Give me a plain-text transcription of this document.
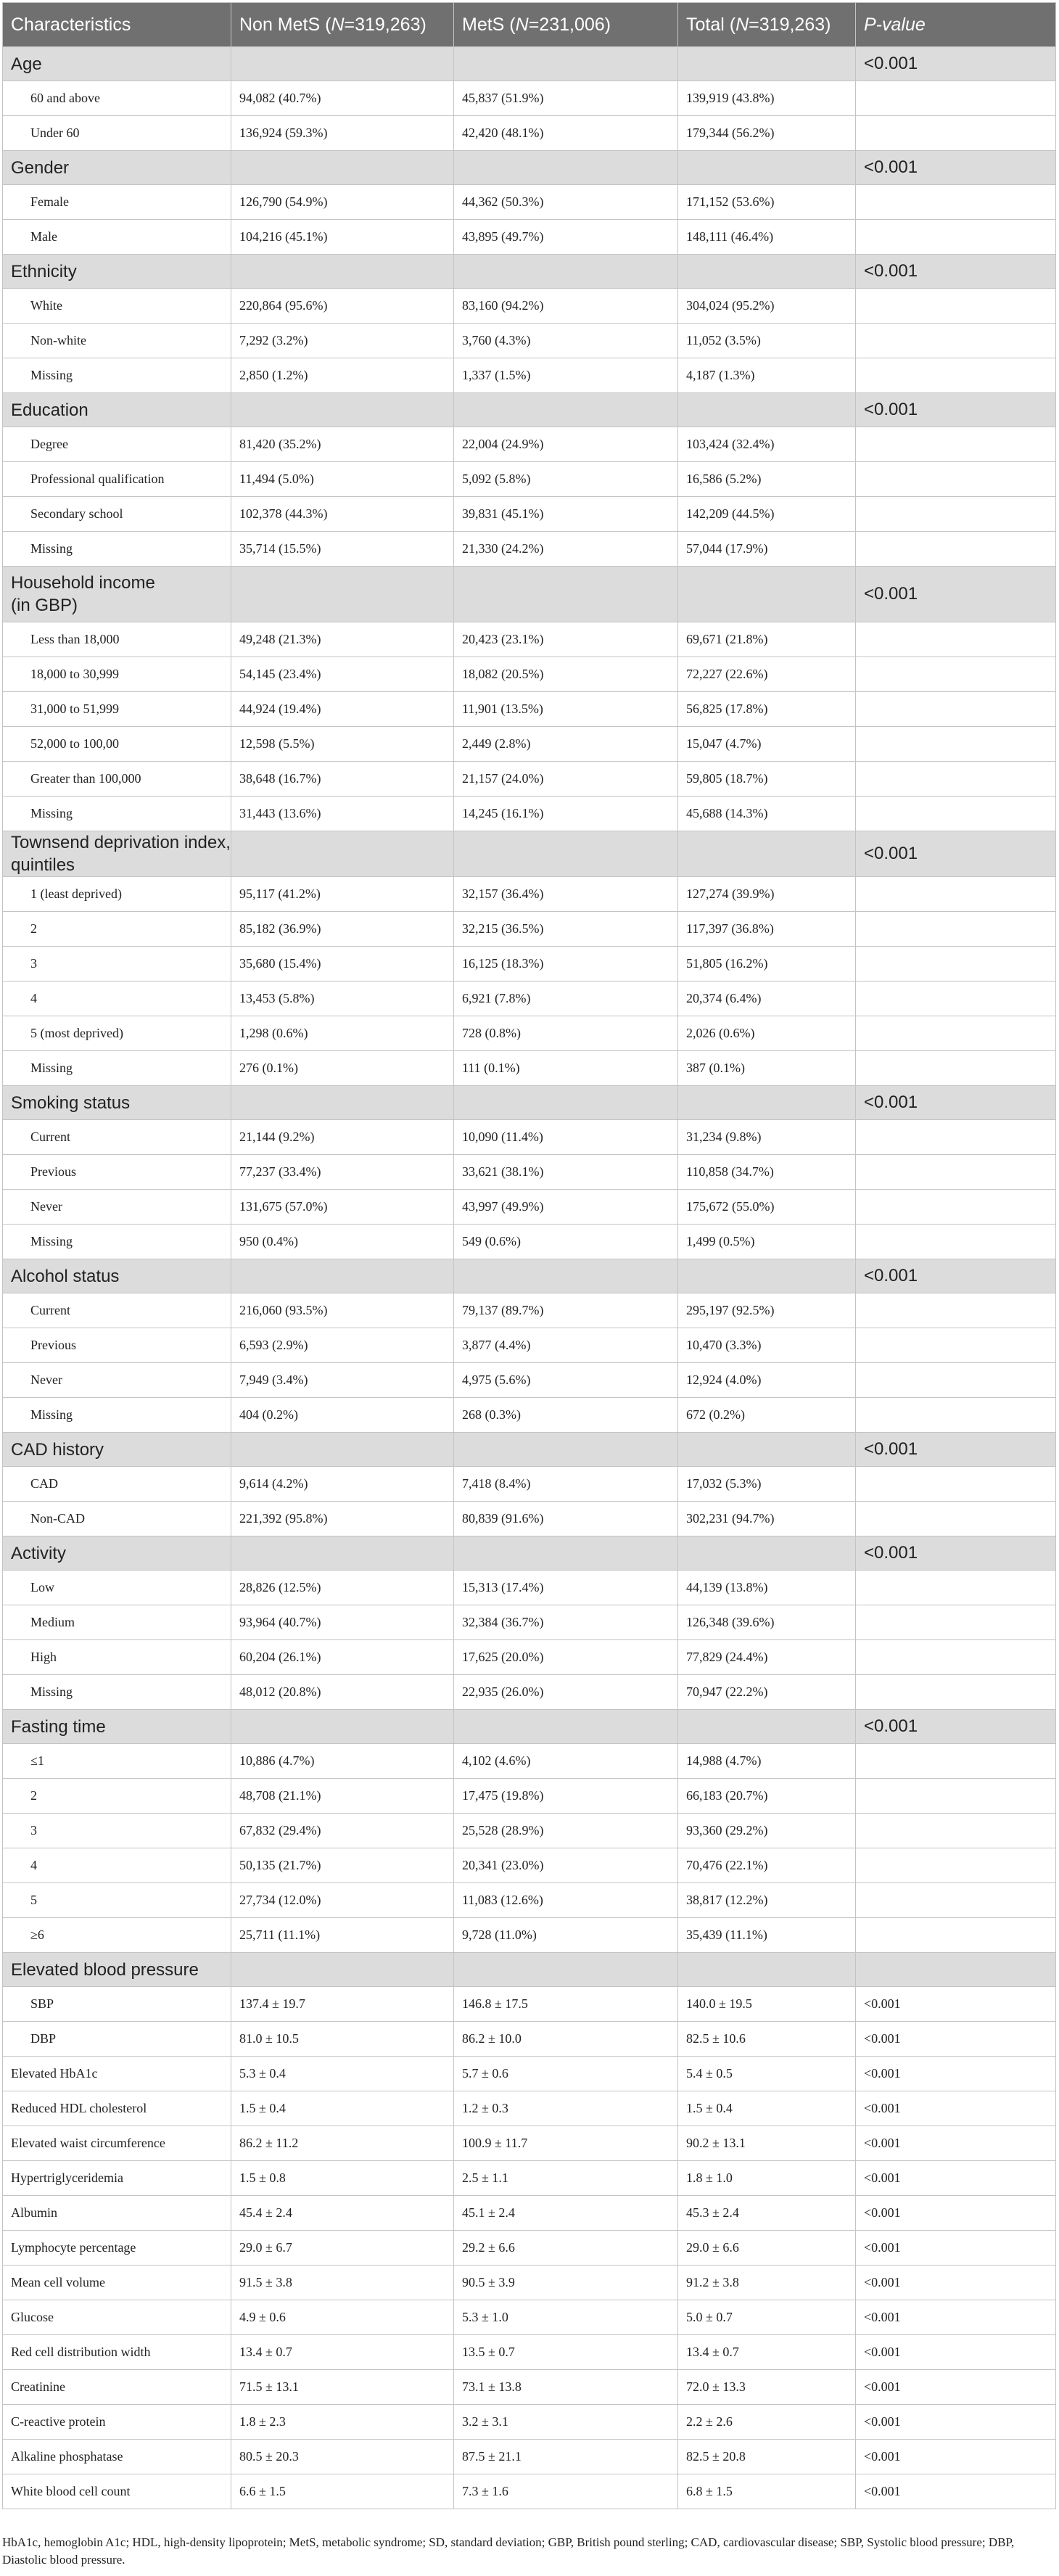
Characteristics	Non MetS (N=319,263)	MetS (N=231,006)	Total (N=319,263)	P-value
Age				<0.001
60 and above	94,082 (40.7%)	45,837 (51.9%)	139,919 (43.8%)	
Under 60	136,924 (59.3%)	42,420 (48.1%)	179,344 (56.2%)	
Gender				<0.001
Female	126,790 (54.9%)	44,362 (50.3%)	171,152 (53.6%)	
Male	104,216 (45.1%)	43,895 (49.7%)	148,111 (46.4%)	
Ethnicity				<0.001
White	220,864 (95.6%)	83,160 (94.2%)	304,024 (95.2%)	
Non-white	7,292 (3.2%)	3,760 (4.3%)	11,052 (3.5%)	
Missing	2,850 (1.2%)	1,337 (1.5%)	4,187 (1.3%)	
Education				<0.001
Degree	81,420 (35.2%)	22,004 (24.9%)	103,424 (32.4%)	
Professional qualification	11,494 (5.0%)	5,092 (5.8%)	16,586 (5.2%)	
Secondary school	102,378 (44.3%)	39,831 (45.1%)	142,209 (44.5%)	
Missing	35,714 (15.5%)	21,330 (24.2%)	57,044 (17.9%)	
Household income
(in GBP)				<0.001
Less than 18,000	49,248 (21.3%)	20,423 (23.1%)	69,671 (21.8%)	
18,000 to 30,999	54,145 (23.4%)	18,082 (20.5%)	72,227 (22.6%)	
31,000 to 51,999	44,924 (19.4%)	11,901 (13.5%)	56,825 (17.8%)	
52,000 to 100,00	12,598 (5.5%)	2,449 (2.8%)	15,047 (4.7%)	
Greater than 100,000	38,648 (16.7%)	21,157 (24.0%)	59,805 (18.7%)	
Missing	31,443 (13.6%)	14,245 (16.1%)	45,688 (14.3%)	
Townsend deprivation index, quintiles				<0.001
1 (least deprived)	95,117 (41.2%)	32,157 (36.4%)	127,274 (39.9%)	
2	85,182 (36.9%)	32,215 (36.5%)	117,397 (36.8%)	
3	35,680 (15.4%)	16,125 (18.3%)	51,805 (16.2%)	
4	13,453 (5.8%)	6,921 (7.8%)	20,374 (6.4%)	
5 (most deprived)	1,298 (0.6%)	728 (0.8%)	2,026 (0.6%)	
Missing	276 (0.1%)	111 (0.1%)	387 (0.1%)	
Smoking status				<0.001
Current	21,144 (9.2%)	10,090 (11.4%)	31,234 (9.8%)	
Previous	77,237 (33.4%)	33,621 (38.1%)	110,858 (34.7%)	
Never	131,675 (57.0%)	43,997 (49.9%)	175,672 (55.0%)	
Missing	950 (0.4%)	549 (0.6%)	1,499 (0.5%)	
Alcohol status				<0.001
Current	216,060 (93.5%)	79,137 (89.7%)	295,197 (92.5%)	
Previous	6,593 (2.9%)	3,877 (4.4%)	10,470 (3.3%)	
Never	7,949 (3.4%)	4,975 (5.6%)	12,924 (4.0%)	
Missing	404 (0.2%)	268 (0.3%)	672 (0.2%)	
CAD history				<0.001
CAD	9,614 (4.2%)	7,418 (8.4%)	17,032 (5.3%)	
Non-CAD	221,392 (95.8%)	80,839 (91.6%)	302,231 (94.7%)	
Activity				<0.001
Low	28,826 (12.5%)	15,313 (17.4%)	44,139 (13.8%)	
Medium	93,964 (40.7%)	32,384 (36.7%)	126,348 (39.6%)	
High	60,204 (26.1%)	17,625 (20.0%)	77,829 (24.4%)	
Missing	48,012 (20.8%)	22,935 (26.0%)	70,947 (22.2%)	
Fasting time				<0.001
≤1	10,886 (4.7%)	4,102 (4.6%)	14,988 (4.7%)	
2	48,708 (21.1%)	17,475 (19.8%)	66,183 (20.7%)	
3	67,832 (29.4%)	25,528 (28.9%)	93,360 (29.2%)	
4	50,135 (21.7%)	20,341 (23.0%)	70,476 (22.1%)	
5	27,734 (12.0%)	11,083 (12.6%)	38,817 (12.2%)	
≥6	25,711 (11.1%)	9,728 (11.0%)	35,439 (11.1%)	
Elevated blood pressure				
SBP	137.4 ± 19.7	146.8 ± 17.5	140.0 ± 19.5	<0.001
DBP	81.0 ± 10.5	86.2 ± 10.0	82.5 ± 10.6	<0.001
Elevated HbA1c	5.3 ± 0.4	5.7 ± 0.6	5.4 ± 0.5	<0.001
Reduced HDL cholesterol	1.5 ± 0.4	1.2 ± 0.3	1.5 ± 0.4	<0.001
Elevated waist circumference	86.2 ± 11.2	100.9 ± 11.7	90.2 ± 13.1	<0.001
Hypertriglyceridemia	1.5 ± 0.8	2.5 ± 1.1	1.8 ± 1.0	<0.001
Albumin	45.4 ± 2.4	45.1 ± 2.4	45.3 ± 2.4	<0.001
Lymphocyte percentage	29.0 ± 6.7	29.2 ± 6.6	29.0 ± 6.6	<0.001
Mean cell volume	91.5 ± 3.8	90.5 ± 3.9	91.2 ± 3.8	<0.001
Glucose	4.9 ± 0.6	5.3 ± 1.0	5.0 ± 0.7	<0.001
Red cell distribution width	13.4 ± 0.7	13.5 ± 0.7	13.4 ± 0.7	<0.001
Creatinine	71.5 ± 13.1	73.1 ± 13.8	72.0 ± 13.3	<0.001
C-reactive protein	1.8 ± 2.3	3.2 ± 3.1	2.2 ± 2.6	<0.001
Alkaline phosphatase	80.5 ± 20.3	87.5 ± 21.1	82.5 ± 20.8	<0.001
White blood cell count	6.6 ± 1.5	7.3 ± 1.6	6.8 ± 1.5	<0.001

HbA1c, hemoglobin A1c; HDL, high-density lipoprotein; MetS, metabolic syndrome; SD, standard deviation; GBP, British pound sterling; CAD, cardiovascular disease; SBP, Systolic blood pressure; DBP, Diastolic blood pressure.
